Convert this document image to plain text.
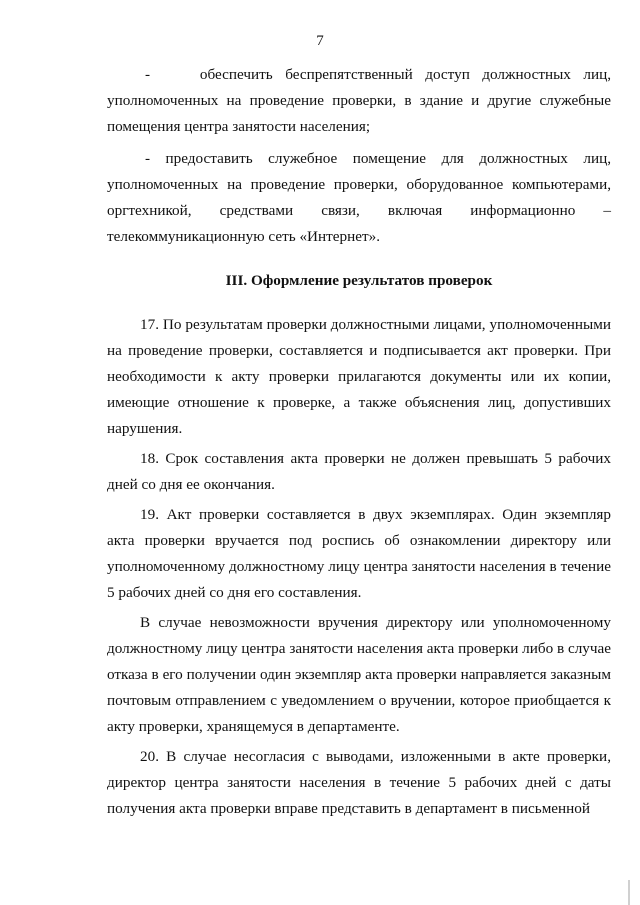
7

-    обеспечить беспрепятственный доступ должностных лиц, уполномоченных на проведение проверки, в здание и другие служебные помещения центра занятости населения;

- предоставить служебное помещение для должностных лиц, уполномоченных на проведение проверки, оборудованное компьютерами, оргтехникой, средствами связи, включая информационно – телекоммуникационную сеть «Интернет».

III. Оформление результатов проверок

17. По результатам проверки должностными лицами, уполномоченными на проведение проверки, составляется и подписывается акт проверки. При необходимости к акту проверки прилагаются документы или их копии, имеющие отношение к проверке, а также объяснения лиц, допустивших нарушения.

18. Срок составления акта проверки не должен превышать 5 рабочих дней со дня ее окончания.

19. Акт проверки составляется в двух экземплярах. Один экземпляр акта проверки вручается под роспись об ознакомлении директору или уполномоченному должностному лицу центра занятости населения в течение 5 рабочих дней со дня его составления.

В случае невозможности вручения директору или уполномоченному должностному лицу центра занятости населения акта проверки либо в случае отказа в его получении один экземпляр акта проверки направляется заказным почтовым отправлением с уведомлением о вручении, которое приобщается к акту проверки, хранящемуся в департаменте.

20. В случае несогласия с выводами, изложенными в акте проверки, директор центра занятости населения в течение 5 рабочих дней с даты получения акта проверки вправе представить в департамент в письменной
